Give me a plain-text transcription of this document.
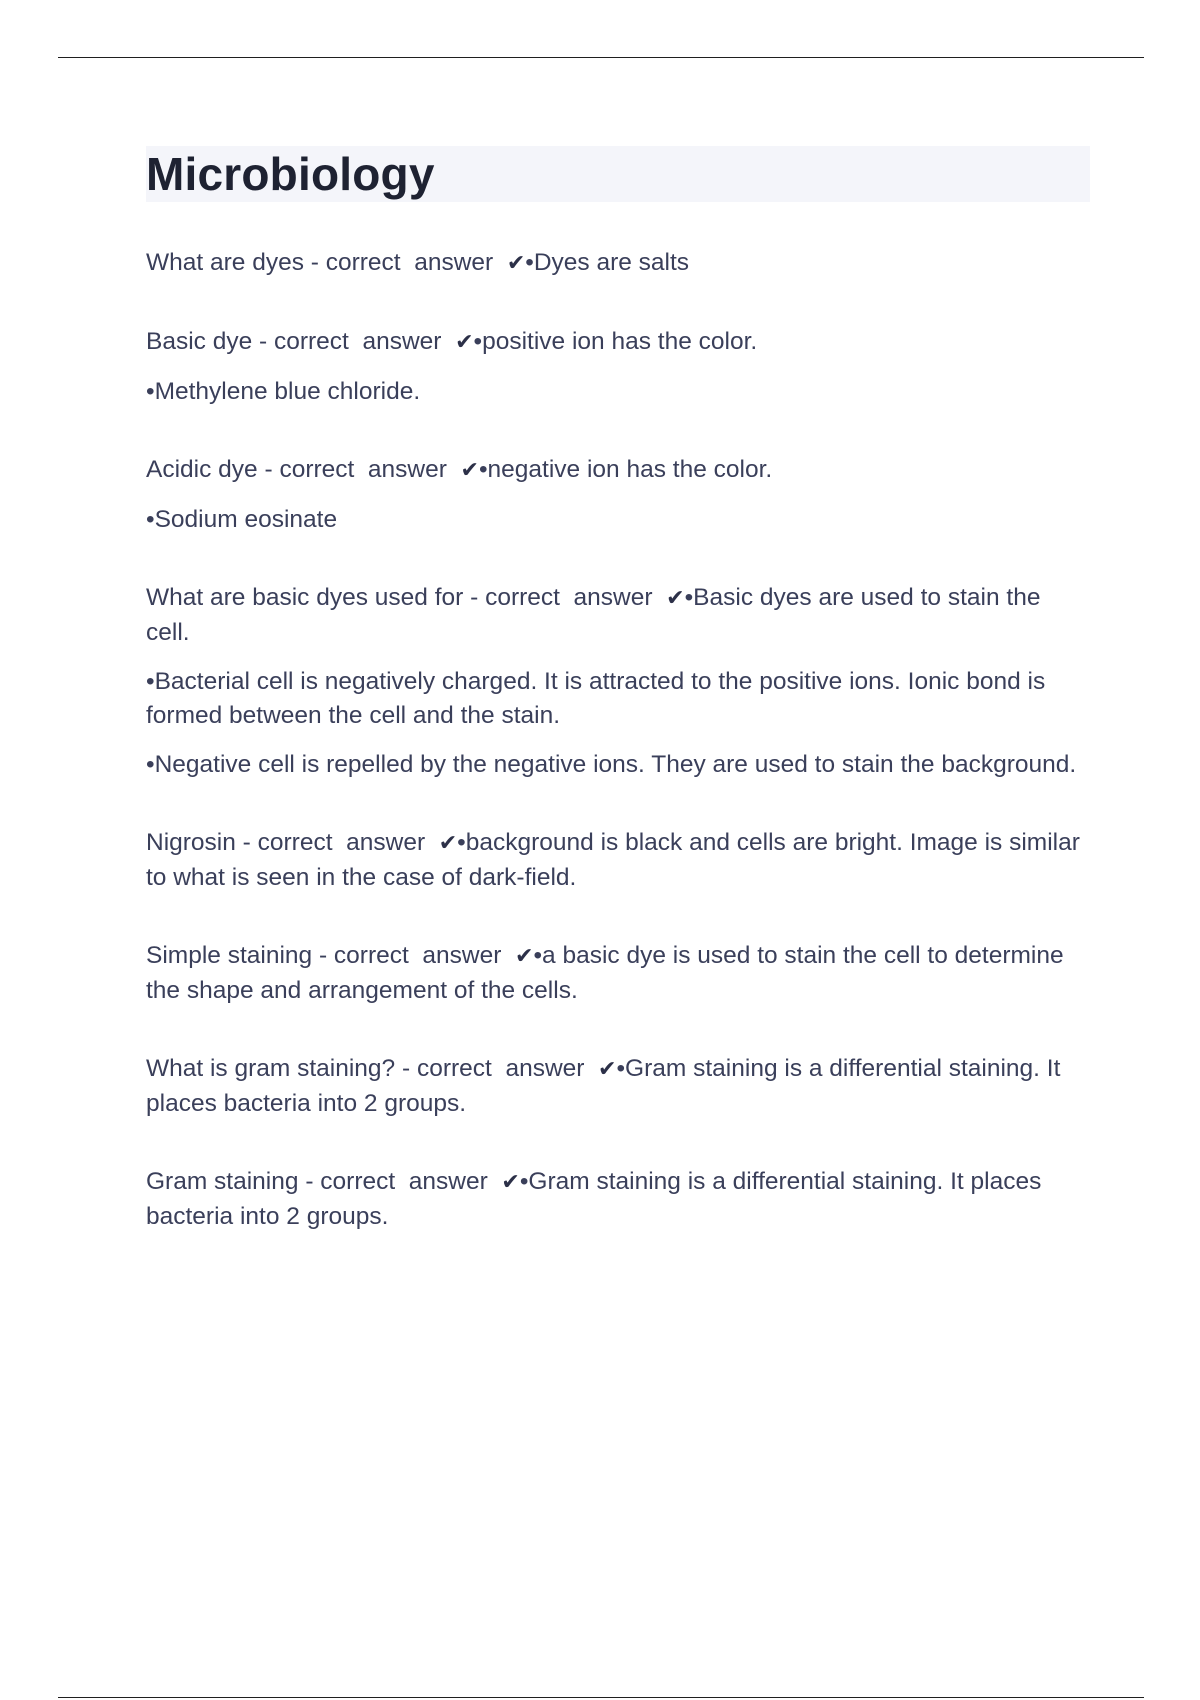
Microbiology

What are dyes - correct  answer  ✔•Dyes are salts

Basic dye - correct  answer  ✔•positive ion has the color.

•Methylene blue chloride.

Acidic dye - correct  answer  ✔•negative ion has the color.

•Sodium eosinate

What are basic dyes used for - correct  answer  ✔•Basic dyes are used to stain the cell.

•Bacterial cell is negatively charged. It is attracted to the positive ions. Ionic bond is formed between the cell and the stain.

•Negative cell is repelled by the negative ions. They are used to stain the background.

Nigrosin - correct  answer  ✔•background is black and cells are bright. Image is similar to what is seen in the case of dark-field.

Simple staining - correct  answer  ✔•a basic dye is used to stain the cell to determine the shape and arrangement of the cells.

What is gram staining? - correct  answer  ✔•Gram staining is a differential staining. It places bacteria into 2 groups.

Gram staining - correct  answer  ✔•Gram staining is a differential staining. It places bacteria into 2 groups.
